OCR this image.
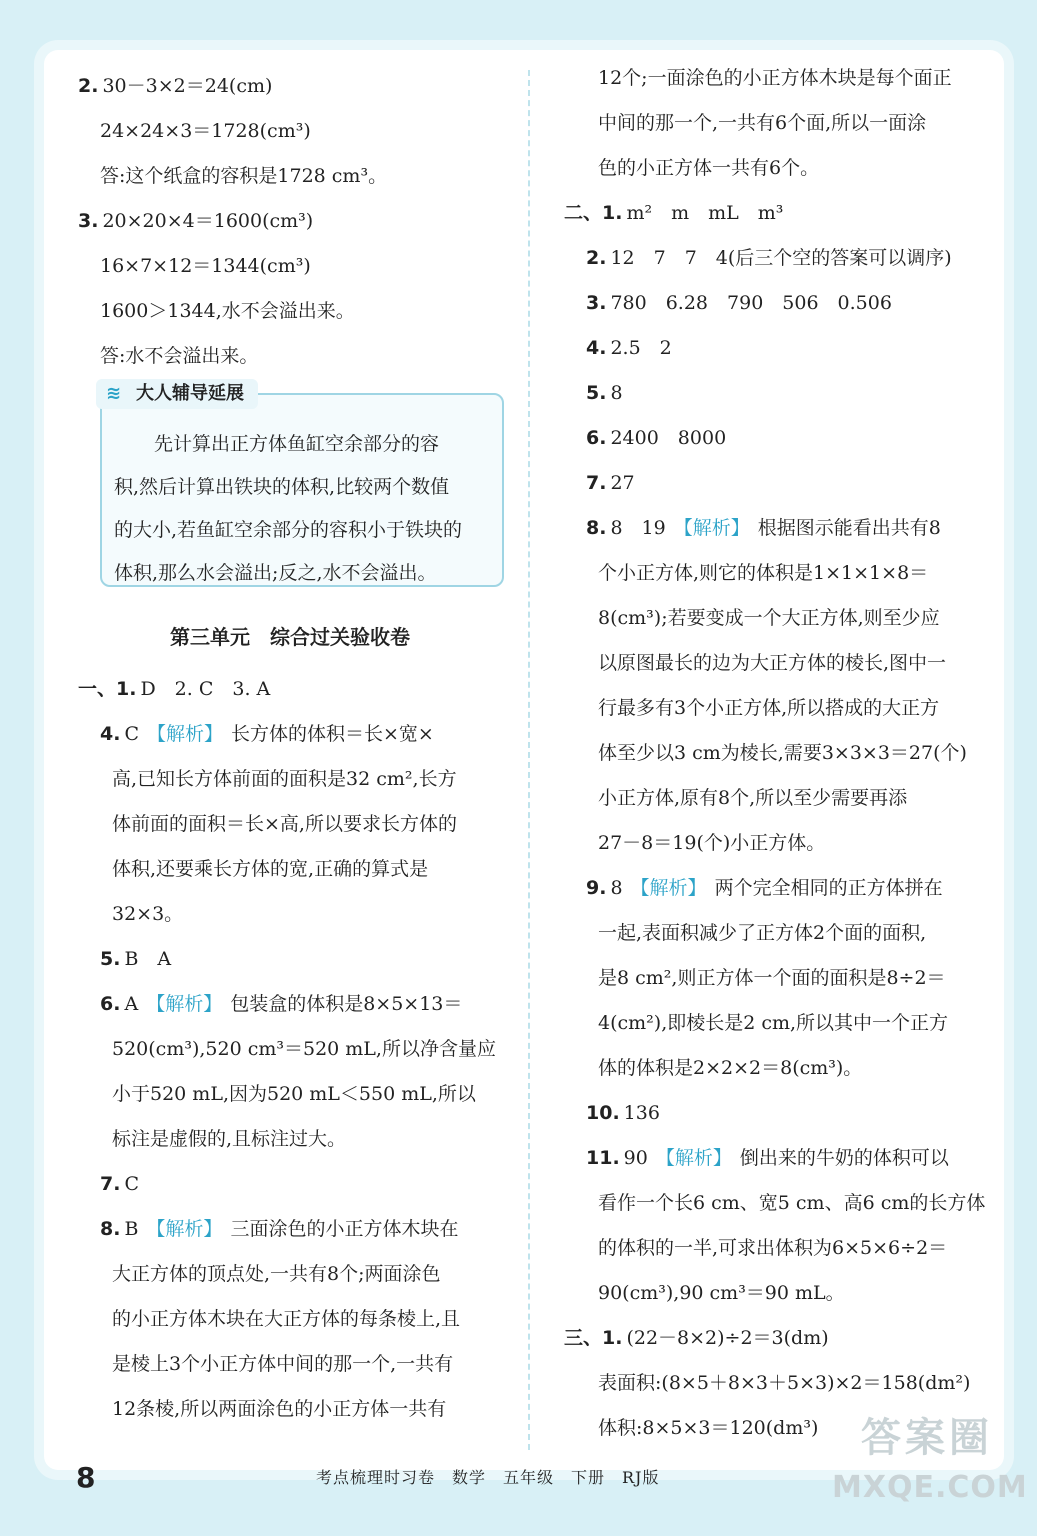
2. 30－3×2＝24(cm)
24×24×3＝1728(cm³)
答:这个纸盒的容积是1728 cm³。
3. 20×20×4＝1600(cm³)
16×7×12＝1344(cm³)
1600＞1344,水不会溢出来。
答:水不会溢出来。
≋ 大人辅导延展
先计算出正方体鱼缸空余部分的容
积,然后计算出铁块的体积,比较两个数值
的大小,若鱼缸空余部分的容积小于铁块的
体积,那么水会溢出;反之,水不会溢出。
第三单元　综合过关验收卷
一、1. D　2. C　3. A
4. C 【解析】 长方体的体积＝长×宽×
高,已知长方体前面的面积是32 cm²,长方
体前面的面积＝长×高,所以要求长方体的
体积,还要乘长方体的宽,正确的算式是
32×3。
5. B　A
6. A 【解析】 包装盒的体积是8×5×13＝
520(cm³),520 cm³＝520 mL,所以净含量应
小于520 mL,因为520 mL＜550 mL,所以
标注是虚假的,且标注过大。
7. C
8. B 【解析】 三面涂色的小正方体木块在
大正方体的顶点处,一共有8个;两面涂色
的小正方体木块在大正方体的每条棱上,且
是棱上3个小正方体中间的那一个,一共有
12条棱,所以两面涂色的小正方体一共有
12个;一面涂色的小正方体木块是每个面正
中间的那一个,一共有6个面,所以一面涂
色的小正方体一共有6个。
二、1. m²　m　mL　m³
2. 12　7　7　4(后三个空的答案可以调序)
3. 780　6.28　790　506　0.506
4. 2.5　2
5. 8
6. 2400　8000
7. 27
8. 8　19 【解析】 根据图示能看出共有8
个小正方体,则它的体积是1×1×1×8＝
8(cm³);若要变成一个大正方体,则至少应
以原图最长的边为大正方体的棱长,图中一
行最多有3个小正方体,所以搭成的大正方
体至少以3 cm为棱长,需要3×3×3＝27(个)
小正方体,原有8个,所以至少需要再添
27－8＝19(个)小正方体。
9. 8 【解析】 两个完全相同的正方体拼在
一起,表面积减少了正方体2个面的面积,
是8 cm²,则正方体一个面的面积是8÷2＝
4(cm²),即棱长是2 cm,所以其中一个正方
体的体积是2×2×2＝8(cm³)。
10. 136
11. 90 【解析】 倒出来的牛奶的体积可以
看作一个长6 cm、宽5 cm、高6 cm的长方体
的体积的一半,可求出体积为6×5×6÷2＝
90(cm³),90 cm³＝90 mL。
三、1. (22－8×2)÷2＝3(dm)
表面积:(8×5＋8×3＋5×3)×2＝158(dm²)
体积:8×5×3＝120(dm³)
8	考点梳理时习卷　数学　五年级　下册　RJ版
答案圈
MXQE.COM
